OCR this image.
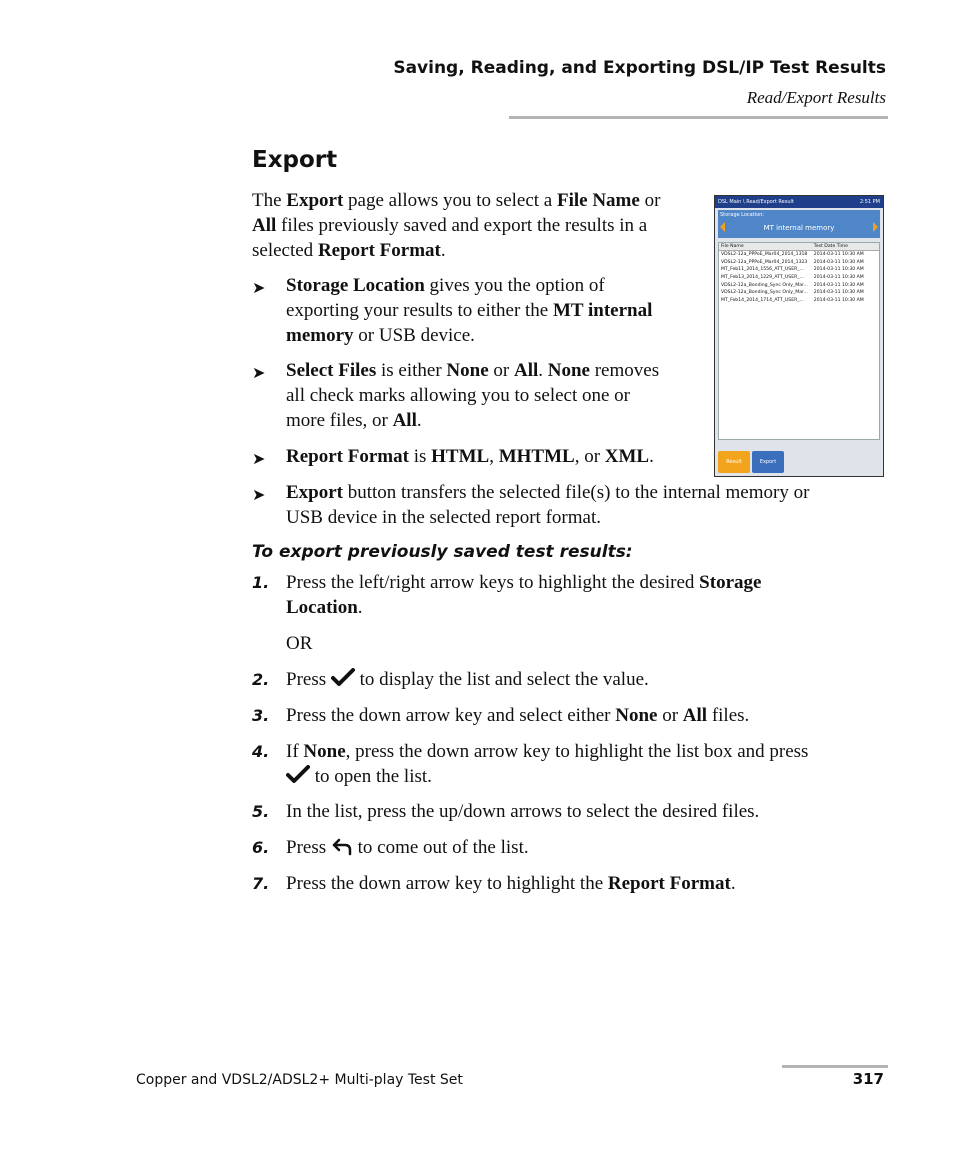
Saving, Reading, and Exporting DSL/IP Test Results
Read/Export Results
Export
The Export page allows you to select a File Name or
All files previously saved and export the results in a
selected Report Format.
➤ Storage Location gives you the option of
exporting your results to either the MT internal
memory or USB device.
➤ Select Files is either None or All. None removes
all check marks allowing you to select one or
more files, or All.
➤ Report Format is HTML, MHTML, or XML.
➤ Export button transfers the selected file(s) to the internal memory or
USB device in the selected report format.
DSL Main \ Read/Export Result	2:51 PM
Storage Location:
MT internal memory
File Name	Test Date Time
VDSL2-12a_PPPoE_Mar04_2014_1318	2014-03-11 10:30 AM
VDSL2-12a_PPPoE_Mar04_2014_1323	2014-03-11 10:30 AM
MT_Feb11_2014_1556_ATT_USER_...	2014-03-11 10:30 AM
MT_Feb13_2014_1229_ATT_USER_...	2014-03-11 10:30 AM
VDSL2-12a_Bonding_Sync Only_Mar...	2014-03-11 10:30 AM
VDSL2-12a_Bonding_Sync Only_Mar...	2014-03-11 10:30 AM
MT_Feb14_2014_1714_ATT_USER_...	2014-03-11 10:30 AM
Result	Export
To export previously saved test results:
1. Press the left/right arrow keys to highlight the desired Storage
Location.
OR
2. Press  to display the list and select the value.
3. Press the down arrow key and select either None or All files.
4. If None, press the down arrow key to highlight the list box and press
to open the list.
5. In the list, press the up/down arrows to select the desired files.
6. Press  to come out of the list.
7. Press the down arrow key to highlight the Report Format.
Copper and VDSL2/ADSL2+ Multi-play Test Set	317
